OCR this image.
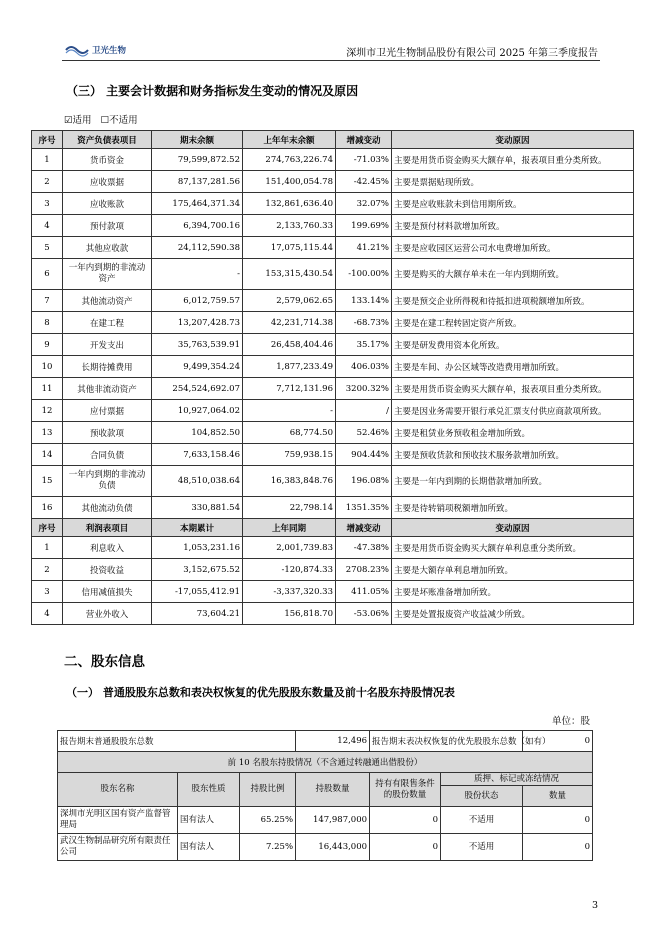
卫光生物	深圳市卫光生物制品股份有限公司 2025 年第三季度报告
（三） 主要会计数据和财务指标发生变动的情况及原因
☑适用 ☐不适用
序号	资产负债表项目	期末余额	上年年末余额	增减变动	变动原因
1	货币资金	79,599,872.52	274,763,226.74	-71.03%	主要是用货币资金购买大额存单，报表项目重分类所致。
2	应收票据	87,137,281.56	151,400,054.78	-42.45%	主要是票据贴现所致。
3	应收账款	175,464,371.34	132,861,636.40	32.07%	主要是应收账款未到信用期所致。
4	预付款项	6,394,700.16	2,133,760.33	199.69%	主要是预付材料款增加所致。
5	其他应收款	24,112,590.38	17,075,115.44	41.21%	主要是应收园区运营公司水电费增加所致。
6	一年内到期的非流动资产	-	153,315,430.54	-100.00%	主要是购买的大额存单未在一年内到期所致。
7	其他流动资产	6,012,759.57	2,579,062.65	133.14%	主要是预交企业所得税和待抵扣进项税额增加所致。
8	在建工程	13,207,428.73	42,231,714.38	-68.73%	主要是在建工程转固定资产所致。
9	开发支出	35,763,539.91	26,458,404.46	35.17%	主要是研发费用资本化所致。
10	长期待摊费用	9,499,354.24	1,877,233.49	406.03%	主要是车间、办公区域等改造费用增加所致。
11	其他非流动资产	254,524,692.07	7,712,131.96	3200.32%	主要是用货币资金购买大额存单，报表项目重分类所致。
12	应付票据	10,927,064.02	-	/	主要是因业务需要开银行承兑汇票支付供应商款项所致。
13	预收款项	104,852.50	68,774.50	52.46%	主要是租赁业务预收租金增加所致。
14	合同负债	7,633,158.46	759,938.15	904.44%	主要是预收货款和预收技术服务款增加所致。
15	一年内到期的非流动负债	48,510,038.64	16,383,848.76	196.08%	主要是一年内到期的长期借款增加所致。
16	其他流动负债	330,881.54	22,798.14	1351.35%	主要是待转销项税额增加所致。
序号	利润表项目	本期累计	上年同期	增减变动	变动原因
1	利息收入	1,053,231.16	2,001,739.83	-47.38%	主要是用货币资金购买大额存单利息重分类所致。
2	投资收益	3,152,675.52	-120,874.33	2708.23%	主要是大额存单利息增加所致。
3	信用减值损失	-17,055,412.91	-3,337,320.33	411.05%	主要是坏账准备增加所致。
4	营业外收入	73,604.21	156,818.70	-53.06%	主要是处置报废资产收益减少所致。
二、股东信息
（一） 普通股股东总数和表决权恢复的优先股股东数量及前十名股东持股情况表
单位：股
报告期末普通股股东总数			12,496	报告期末表决权恢复的优先股股东总数（如有）		0
前 10 名股东持股情况（不含通过转融通出借股份）						
股东名称	股东性质	持股比例	持股数量	持有有限售条件的股份数量	质押、标记或冻结情况	
					股份状态	数量
深圳市光明区国有资产监督管理局	国有法人	65.25%	147,987,000	0	不适用	0
武汉生物制品研究所有限责任公司	国有法人	7.25%	16,443,000	0	不适用	0
3
